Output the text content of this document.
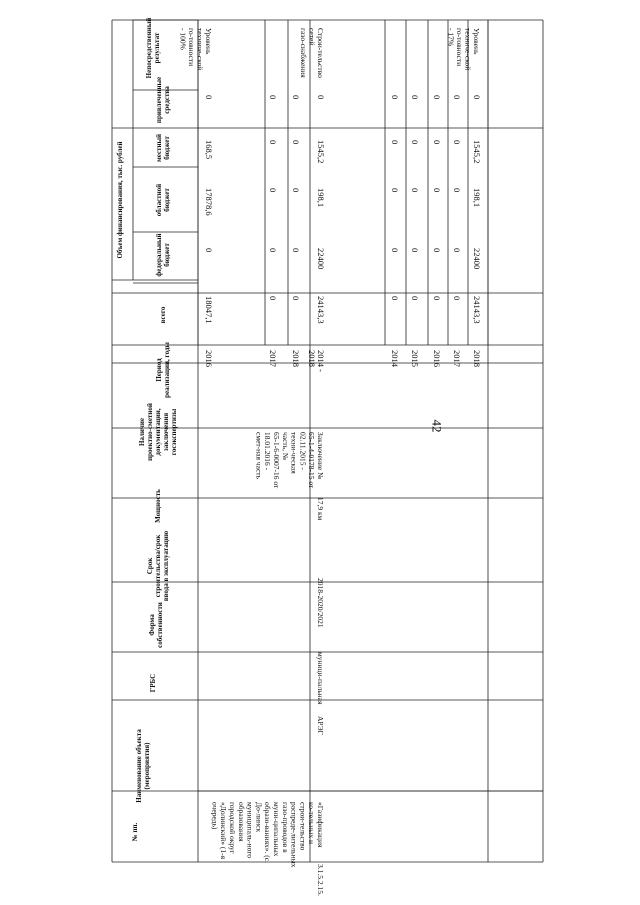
42
№ пп.
Наименование объекта(мероприятия)
ГРБС
Формасобственности
Срокстроительства/срокввода в эксплуатацию
Мощность
Наличиепроектно-сметнойдокументации,заключениягосэкспертизы
Периодреализации, годы
Объем финансирования, тыс. рублей
всего
федеральныйбюджет
областнойбюджет
местныйбюджет
привлеченныесредства
Непосредственныйрезультат
2016
18047,1
0
17878,6
168,5
0
Уровеньтехниче-скойго-товности- 100%
2017
0
0
0
0
0
2018
0
0
0
0
0
3.1.5.2.15.
«Газификацияко-тельных истрои-тельствораспреде-лительныхгазо-проводов вмуни-ципальныхобразо-ваниях». (с.До-линскмуниципаль-ногообразованиягородской округ«Долинский» (1-яочередь)
АРЭГ
муници-пальная
2018-2020/2021
17,9 км
Заключение №65-1-4-0178-15 от02.11.2015 -техни-ческаячасть, №65-1-6-0007-16 от18.01.2016 -смет-ная часть
2014 -2018
24143,3
22400
198,1
1545,2
0
Строи-тельствосетейгазо-снабжения
2014
0
0
0
0
0
2015
0
0
0
0
0
2016
0
0
0
0
0
2017
0
0
0
0
0
2018
24143,3
22400
198,1
1545,2
0
Уровеньтехниче-скойго-товности- 17%
